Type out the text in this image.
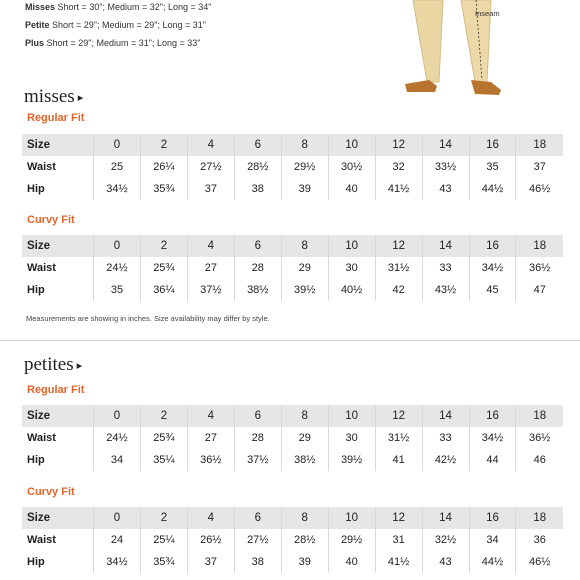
Misses Short = 30"; Medium = 32"; Long = 34"
Petite Short = 29"; Medium = 29"; Long = 31"
Plus Short = 29"; Medium = 31"; Long = 33"
Inseam
misses ▸
Regular Fit
Size	0	2	4	6	8	10	12	14	16	18
Waist	25	26¼	27½	28½	29½	30½	32	33½	35	37
Hip	34½	35¾	37	38	39	40	41½	43	44½	46½
Curvy Fit
Size	0	2	4	6	8	10	12	14	16	18
Waist	24½	25¾	27	28	29	30	31½	33	34½	36½
Hip	35	36¼	37½	38½	39½	40½	42	43½	45	47
Measurements are showing in inches. Size availability may differ by style.
petites ▸
Regular Fit
Size	0	2	4	6	8	10	12	14	16	18
Waist	24½	25¾	27	28	29	30	31½	33	34½	36½
Hip	34	35¼	36½	37½	38½	39½	41	42½	44	46
Curvy Fit
Size	0	2	4	6	8	10	12	14	16	18
Waist	24	25¼	26½	27½	28½	29½	31	32½	34	36
Hip	34½	35¾	37	38	39	40	41½	43	44½	46½
